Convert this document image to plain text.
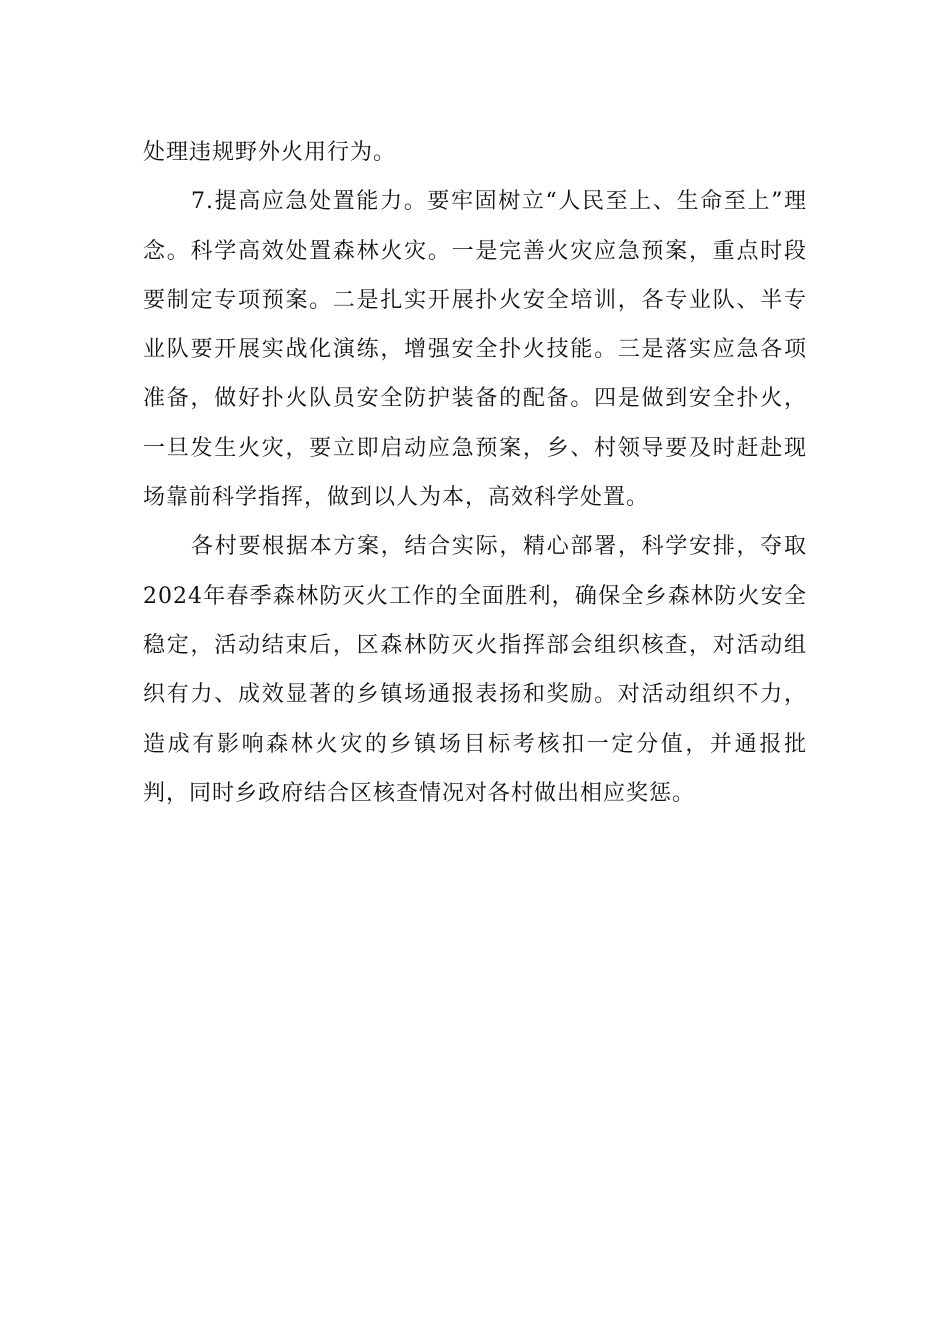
处理违规野外火用行为。

7.提高应急处置能力。要牢固树立“人民至上、生命至上”理念。科学高效处置森林火灾。一是完善火灾应急预案，重点时段要制定专项预案。二是扎实开展扑火安全培训，各专业队、半专业队要开展实战化演练，增强安全扑火技能。三是落实应急各项准备，做好扑火队员安全防护装备的配备。四是做到安全扑火，一旦发生火灾，要立即启动应急预案，乡、村领导要及时赶赴现场靠前科学指挥，做到以人为本，高效科学处置。

各村要根据本方案，结合实际，精心部署，科学安排，夺取2024年春季森林防灭火工作的全面胜利，确保全乡森林防火安全稳定，活动结束后，区森林防灭火指挥部会组织核查，对活动组织有力、成效显著的乡镇场通报表扬和奖励。对活动组织不力，造成有影响森林火灾的乡镇场目标考核扣一定分值，并通报批判，同时乡政府结合区核查情况对各村做出相应奖惩。
